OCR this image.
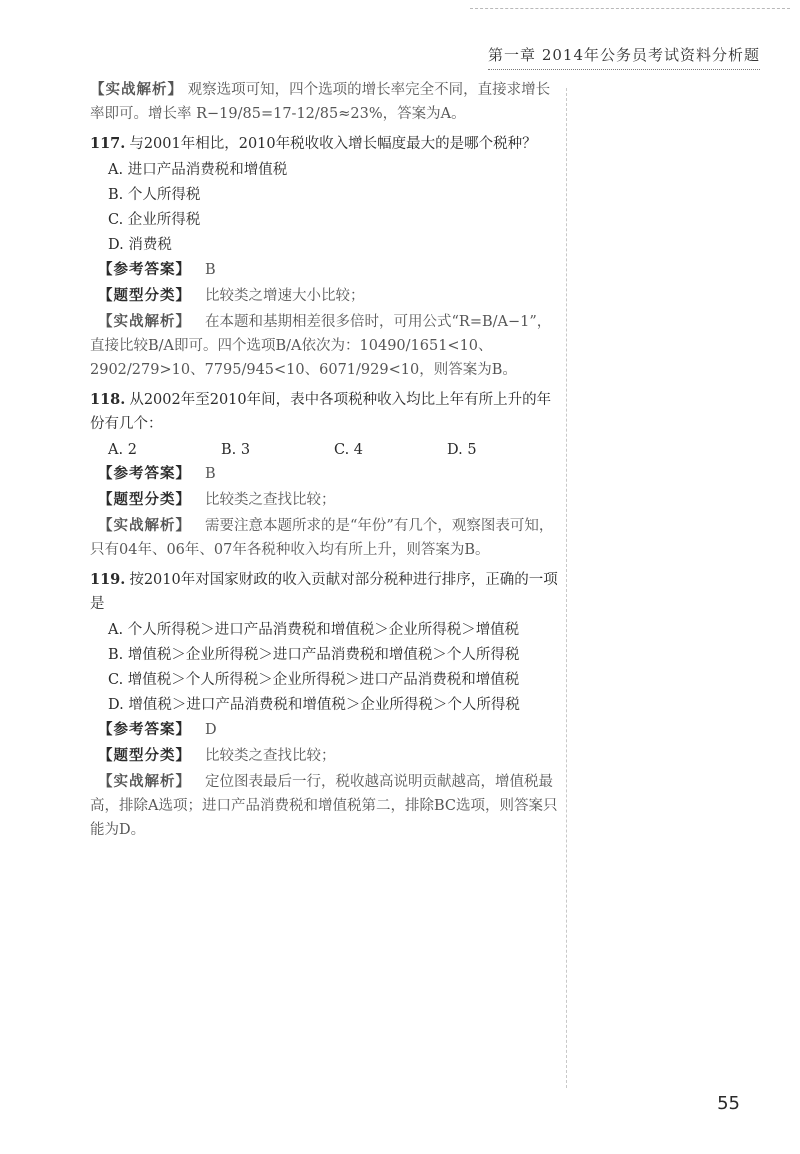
第一章 2014年公务员考试资料分析题

【实战解析】 观察选项可知，四个选项的增长率完全不同，直接求增长率即可。增长率 R−19/85=17-12/85≈23%，答案为A。

117. 与2001年相比，2010年税收收入增长幅度最大的是哪个税种？

A. 进口产品消费税和增值税
B. 个人所得税
C. 企业所得税
D. 消费税

【参考答案】 B

【题型分类】 比较类之增速大小比较；

【实战解析】 在本题和基期相差很多倍时，可用公式“R=B/A−1”，直接比较B/A即可。四个选项B/A依次为：10490/1651<10、2902/279>10、7795/945<10、6071/929<10，则答案为B。

118. 从2002年至2010年间，表中各项税种收入均比上年有所上升的年份有几个：

A. 2	B. 3	C. 4	D. 5

【参考答案】 B

【题型分类】 比较类之查找比较；

【实战解析】 需要注意本题所求的是“年份”有几个，观察图表可知，只有04年、06年、07年各税种收入均有所上升，则答案为B。

119. 按2010年对国家财政的收入贡献对部分税种进行排序，正确的一项是

A. 个人所得税＞进口产品消费税和增值税＞企业所得税＞增值税
B. 增值税＞企业所得税＞进口产品消费税和增值税＞个人所得税
C. 增值税＞个人所得税＞企业所得税＞进口产品消费税和增值税
D. 增值税＞进口产品消费税和增值税＞企业所得税＞个人所得税

【参考答案】 D

【题型分类】 比较类之查找比较；

【实战解析】 定位图表最后一行，税收越高说明贡献越高，增值税最高，排除A选项；进口产品消费税和增值税第二，排除BC选项，则答案只能为D。

55
